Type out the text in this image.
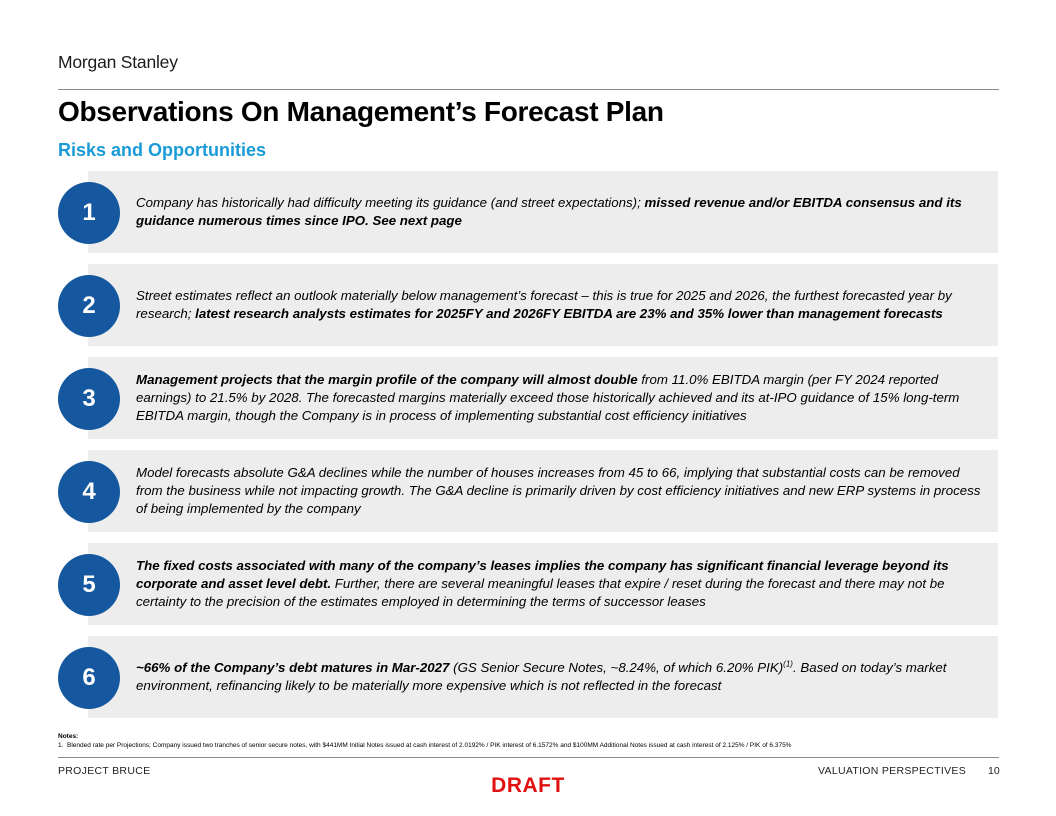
Morgan Stanley
Observations On Management’s Forecast Plan
Risks and Opportunities

Company has historically had difficulty meeting its guidance (and street expectations); missed revenue and/or EBITDA consensus and its guidance numerous times since IPO. See next page

1

Street estimates reflect an outlook materially below management’s forecast – this is true for 2025 and 2026, the furthest forecasted year by research; latest research analysts estimates for 2025FY and 2026FY EBITDA are 23% and 35% lower than management forecasts

2

Management projects that the margin profile of the company will almost double from 11.0% EBITDA margin (per FY 2024 reported earnings) to 21.5% by 2028. The forecasted margins materially exceed those historically achieved and its at-IPO guidance of 15% long-term EBITDA margin, though the Company is in process of implementing substantial cost efficiency initiatives

3

Model forecasts absolute G&A declines while the number of houses increases from 45 to 66, implying that substantial costs can be removed from the business while not impacting growth. The G&A decline is primarily driven by cost efficiency initiatives and new ERP systems in process of being implemented by the company

4

The fixed costs associated with many of the company’s leases implies the company has significant financial leverage beyond its corporate and asset level debt. Further, there are several meaningful leases that expire / reset during the forecast and there may not be certainty to the precision of the estimates employed in determining the terms of successor leases

5

~66% of the Company’s debt matures in Mar-2027 (GS Senior Secure Notes, ~8.24%, of which 6.20% PIK)$^{(1)}$. Based on today’s market environment, refinancing likely to be materially more expensive which is not reflected in the forecast

6
Notes:
1.  Blended rate per Projections; Company issued two tranches of senior secure notes, with $441MM Initial Notes issued at cash interest of 2.0192% / PIK interest of 6.1572% and $100MM Additional Notes issued at cash interest of 2.125% / PIK of 6.375%
PROJECT BRUCE	VALUATION PERSPECTIVES 10
DRAFT
